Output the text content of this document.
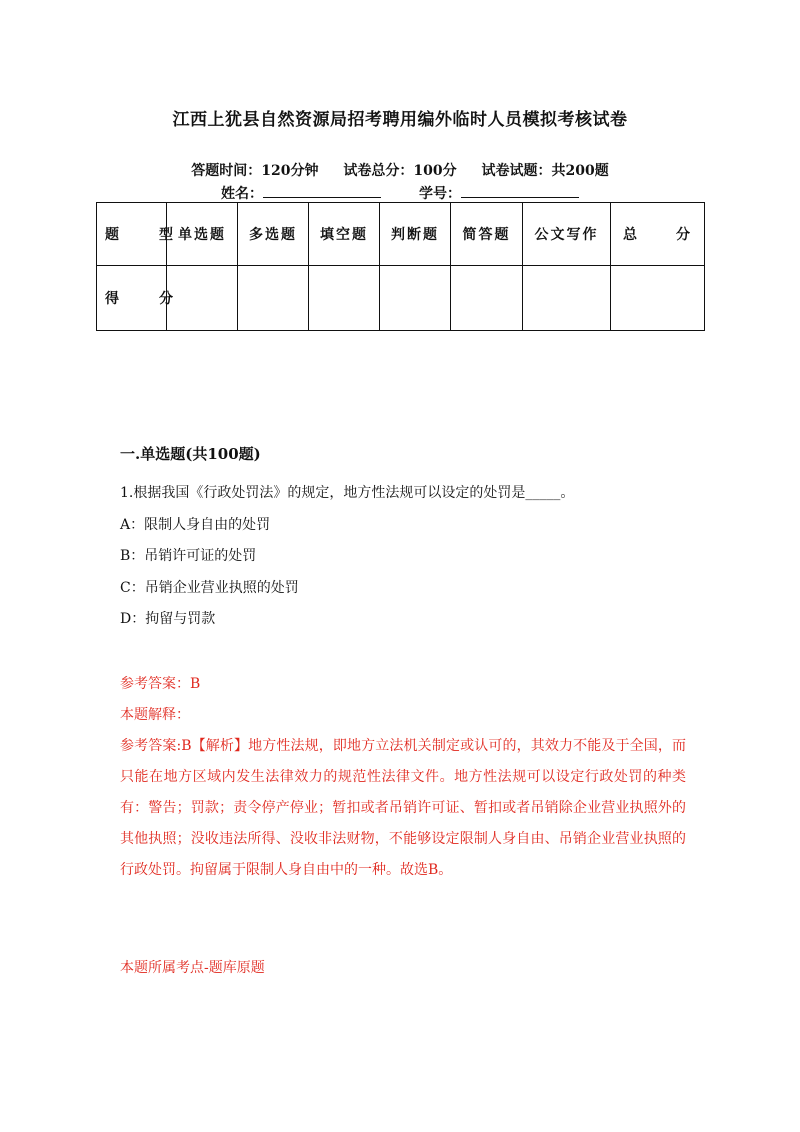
江西上犹县自然资源局招考聘用编外临时人员模拟考核试卷
答题时间：120分钟 试卷总分：100分 试卷试题：共200题
姓名：	学号：
题 型	单选题	多选题	填空题	判断题	简答题	公文写作	总 分
得 分							
一.单选题(共100题)
1.根据我国《行政处罚法》的规定，地方性法规可以设定的处罚是_____。
A：限制人身自由的处罚
B：吊销许可证的处罚
C：吊销企业营业执照的处罚
D：拘留与罚款
参考答案：B
本题解释：
参考答案:B【解析】地方性法规，即地方立法机关制定或认可的，其效力不能及于全国，而只能在地方区域内发生法律效力的规范性法律文件。地方性法规可以设定行政处罚的种类有：警告；罚款；责令停产停业；暂扣或者吊销许可证、暂扣或者吊销除企业营业执照外的其他执照；没收违法所得、没收非法财物，不能够设定限制人身自由、吊销企业营业执照的行政处罚。拘留属于限制人身自由中的一种。故选B。
本题所属考点-题库原题
